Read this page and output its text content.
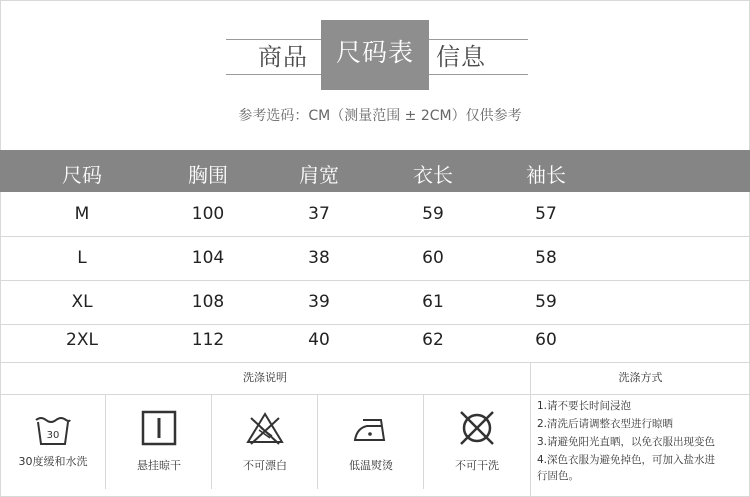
商品	尺码表 信息
参考选码：CM（测量范围 ± 2CM）仅供参考
尺码	胸围	肩宽	衣长	袖长
M	100	37	59	57
L	104	38	60	58
XL	108	39	61	59
2XL	112	40	62	60
洗涤说明	洗涤方式
30
30度缓和水洗	悬挂晾干	不可漂白	低温熨烫	不可干洗
1.请不要长时间浸泡
2.清洗后请调整衣型进行晾晒
3.请避免阳光直晒，以免衣服出现变色
4.深色衣服为避免掉色，可加入盐水进
行固色。
